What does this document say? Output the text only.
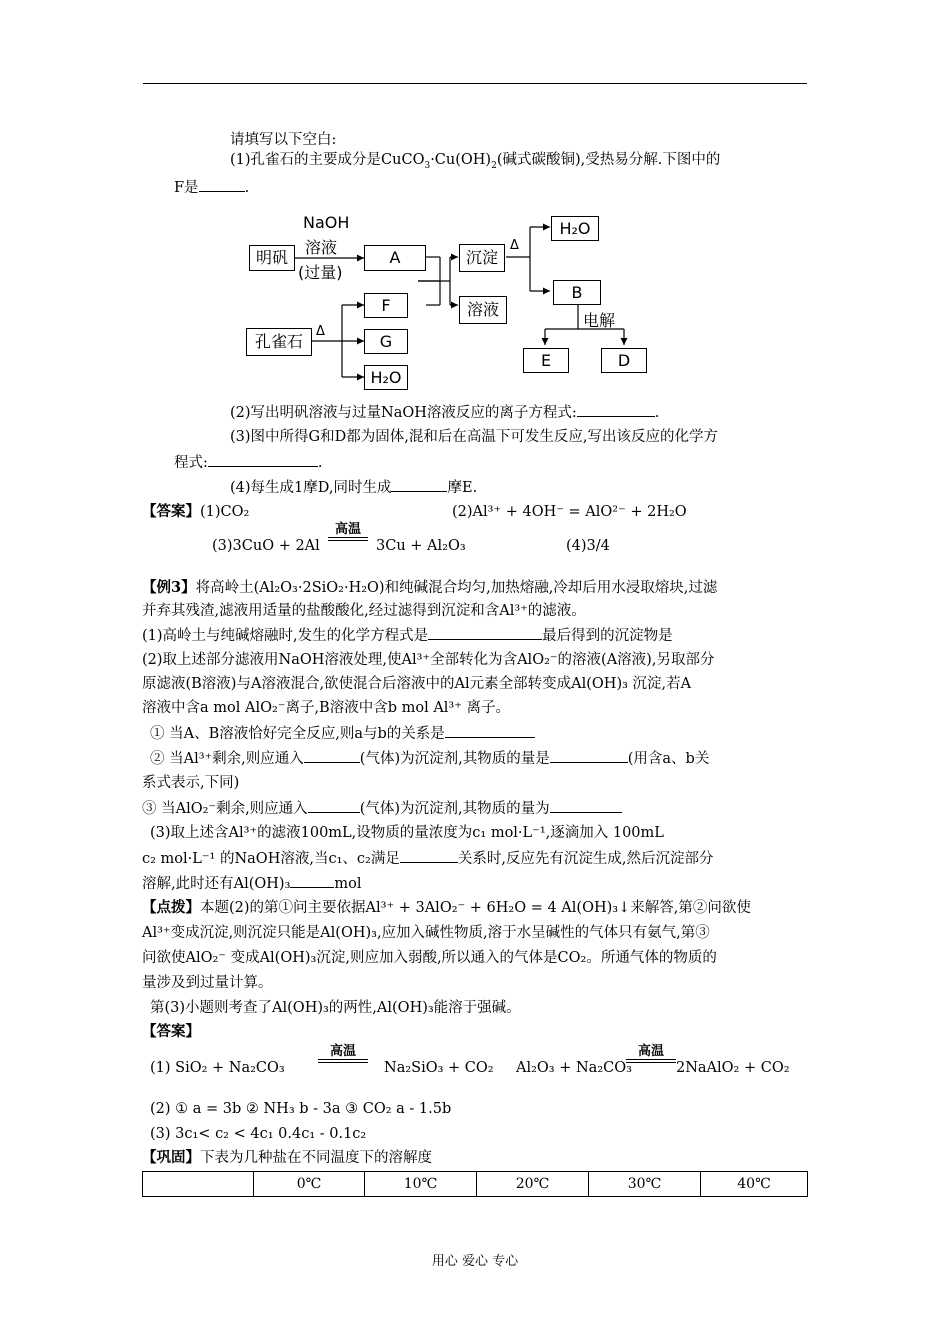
请填写以下空白:
(1)孔雀石的主要成分是$CuCO_3\cdot Cu(OH)_2$(碱式碳酸铜),受热易分解.下图中的
F是	.
明矾
NaOH
溶液
(过量)
A	沉淀
Δ
H₂O
溶液
B
电解
E	D
孔雀石
Δ
F
G
H₂O
(2)写出明矾溶液与过量NaOH溶液反应的离子方程式:	.
(3)图中所得G和D都为固体,混和后在高温下可发生反应,写出该反应的化学方
程式:	.
(4)每生成1摩D,同时生成	摩E.
【答案】(1)CO₂	(2)Al³⁺ + 4OH⁻ = AlO²⁻ + 2H₂O
(3)3CuO + 2Al
高温
3Cu + Al₂O₃	(4)3/4
【例3】将高岭土(Al₂O₃·2SiO₂·H₂O)和纯碱混合均匀,加热熔融,冷却后用水浸取熔块,过滤
并弃其残渣,滤液用适量的盐酸酸化,经过滤得到沉淀和含Al³⁺的滤液。
(1)高岭土与纯碱熔融时,发生的化学方程式是	最后得到的沉淀物是
(2)取上述部分滤液用NaOH溶液处理,使Al³⁺全部转化为含AlO₂⁻的溶液(A溶液),另取部分
原滤液(B溶液)与A溶液混合,欲使混合后溶液中的Al元素全部转变成Al(OH)₃ 沉淀,若A
溶液中含a mol AlO₂⁻离子,B溶液中含b mol Al³⁺ 离子。
① 当A、B溶液恰好完全反应,则a与b的关系是
② 当Al³⁺剩余,则应通入	(气体)为沉淀剂,其物质的量是	(用含a、b关
系式表示,下同)
③ 当AlO₂⁻剩余,则应通入	(气体)为沉淀剂,其物质的量为
(3)取上述含Al³⁺的滤液100mL,设物质的量浓度为c₁ mol·L⁻¹,逐滴加入 100mL
c₂ mol·L⁻¹ 的NaOH溶液,当c₁、c₂满足	关系时,反应先有沉淀生成,然后沉淀部分
溶解,此时还有Al(OH)₃	mol
【点拨】本题(2)的第①问主要依据Al³⁺ + 3AlO₂⁻ + 6H₂O = 4 Al(OH)₃↓来解答,第②问欲使
Al³⁺变成沉淀,则沉淀只能是Al(OH)₃,应加入碱性物质,溶于水呈碱性的气体只有氨气,第③
问欲使AlO₂⁻ 变成Al(OH)₃沉淀,则应加入弱酸,所以通入的气体是CO₂。所通气体的物质的
量涉及到过量计算。
第(3)小题则考查了Al(OH)₃的两性,Al(OH)₃能溶于强碱。
【答案】
(1) SiO₂ + Na₂CO₃
高温
Na₂SiO₃ + CO₂ Al₂O₃ + Na₂CO₃
高温
2NaAlO₂ + CO₂
(2) ① a = 3b ② NH₃ b - 3a ③ CO₂ a - 1.5b
(3) 3c₁< c₂ < 4c₁ 0.4c₁ - 0.1c₂
【巩固】下表为几种盐在不同温度下的溶解度
	0℃	10℃	20℃	30℃	40℃
用心 爱心 专心
